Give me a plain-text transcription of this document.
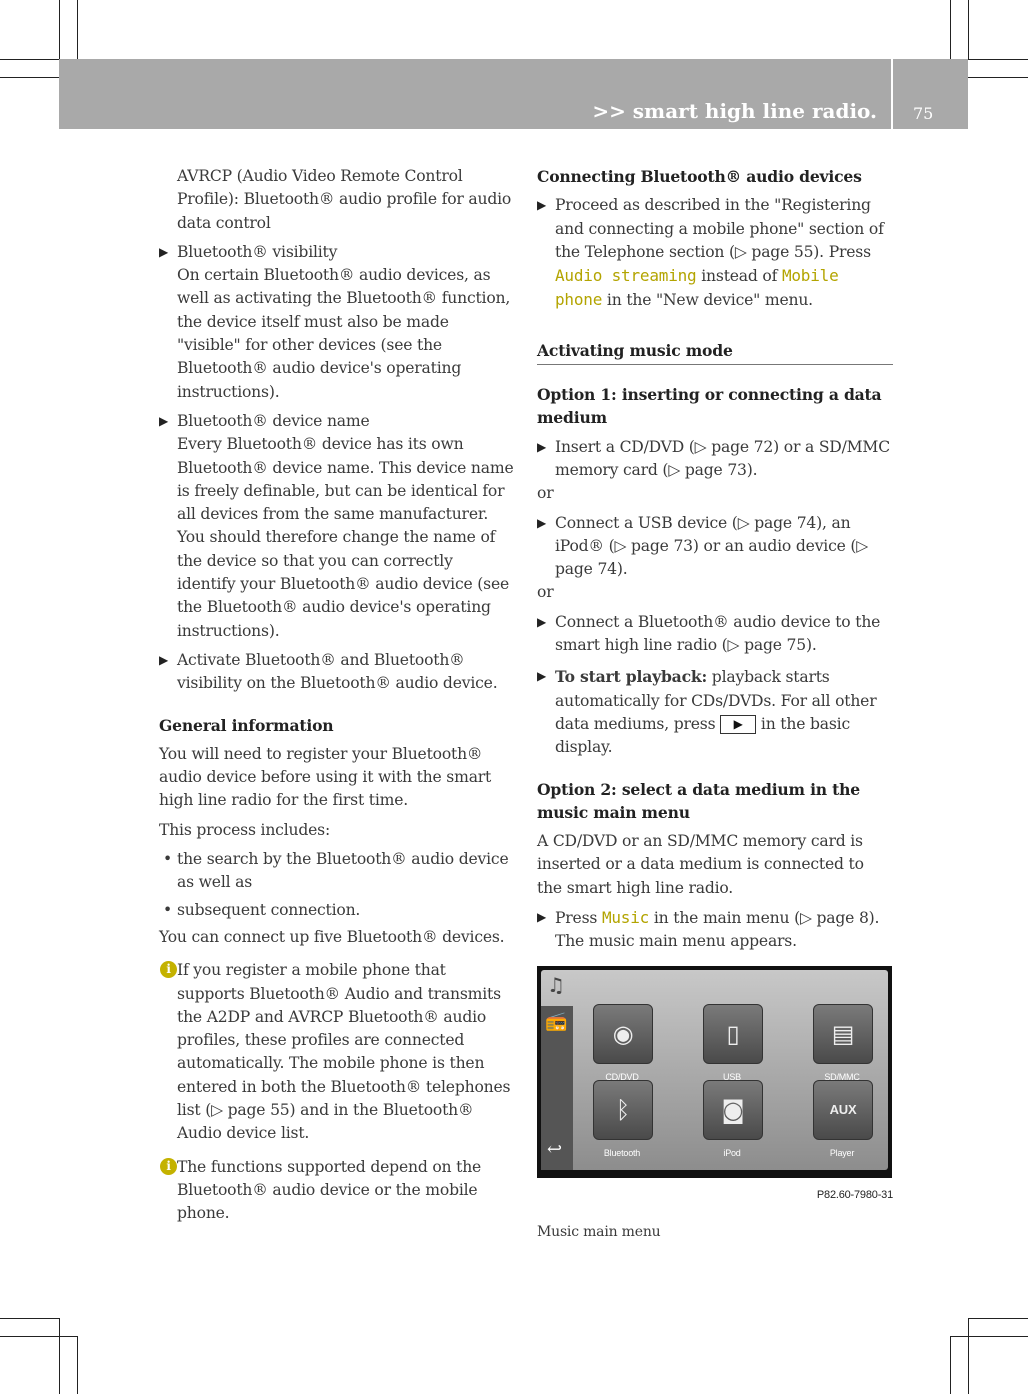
>> smart high line radio. 75

AVRCP (Audio Video Remote Control Profile): Bluetooth® audio profile for audio data control

▶ Bluetooth® visibility

On certain Bluetooth® audio devices, as well as activating the Bluetooth® function, the device itself must also be made "visible" for other devices (see the Bluetooth® audio device's operating instructions).

▶ Bluetooth® device name

Every Bluetooth® device has its own Bluetooth® device name. This device name is freely definable, but can be identical for all devices from the same manufacturer. You should therefore change the name of the device so that you can correctly identify your Bluetooth® audio device (see the Bluetooth® audio device's operating instructions).

▶ Activate Bluetooth® and Bluetooth® visibility on the Bluetooth® audio device.

General information

You will need to register your Bluetooth® audio device before using it with the smart high line radio for the first time.

This process includes:

• the search by the Bluetooth® audio device as well as

• subsequent connection.

You can connect up five Bluetooth® devices.

i If you register a mobile phone that supports Bluetooth® Audio and transmits the A2DP and AVRCP Bluetooth® audio profiles, these profiles are connected automatically. The mobile phone is then entered in both the Bluetooth® telephones list (▷ page 55) and in the Bluetooth® Audio device list.
i The functions supported depend on the Bluetooth® audio device or the mobile phone.
Connecting Bluetooth® audio devices

▶ Proceed as described in the "Registering and connecting a mobile phone" section of the Telephone section (▷ page 55). Press Audio streaming instead of Mobile phone in the "New device" menu.

Activating music mode
Option 1: inserting or connecting a data medium

▶ Insert a CD/DVD (▷ page 72) or a SD/MMC memory card (▷ page 73).

or

▶ Connect a USB device (▷ page 74), an iPod® (▷ page 73) or an audio device (▷ page 74).

or

▶ Connect a Bluetooth® audio device to the smart high line radio (▷ page 75).

▶ To start playback: playback starts automatically for CDs/DVDs. For all other data mediums, press ▶ in the basic display.

Option 2: select a data medium in the music main menu

A CD/DVD or an SD/MMC memory card is inserted or a data medium is connected to the smart high line radio.

▶ Press Music in the main menu (▷ page 8).
The music main menu appears.

♫
📻
↩
◉	▯	▤
ᛒ	◙	AUX
CD/DVD	USB	SD/MMC
Bluetooth	iPod	Player
P82.60-7980-31
Music main menu
